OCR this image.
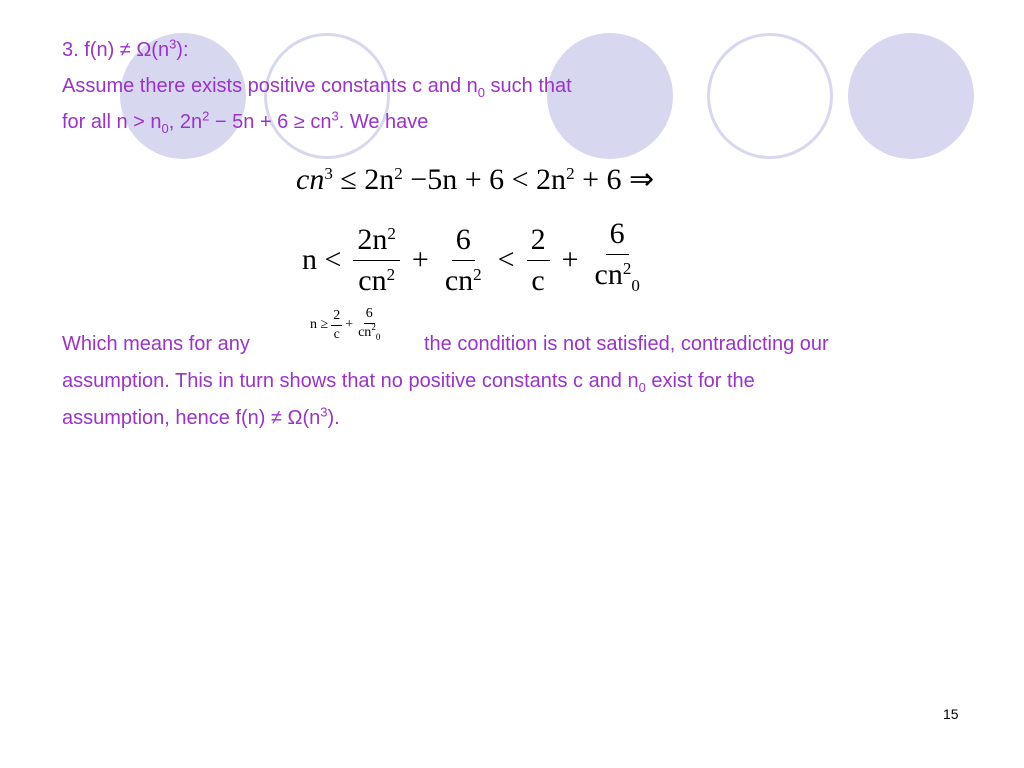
3. $f(n) \ne \Omega(n^3)$:
Assume there exists positive constants c and $n_0$ such that
for all $n > n_0$, $2n^2 - 5n + 6 \ge cn^3$. We have
$cn^3 \le 2n^2 -5n + 6 < 2n^2 + 6$ ⇒
$n < \frac{2n^2}{cn^2} + \frac{6}{cn^2} < \frac{2}{c} + \frac{6}{cn^2_0}$
Which means for any
$n \ge \frac{2}{c} + \frac{6}{cn^2_0}$ the condition is not satisfied, contradicting our
assumption. This in turn shows that no positive constants c and $n_0$ exist for the
assumption, hence $f(n) \ne \Omega(n^3)$.
15
